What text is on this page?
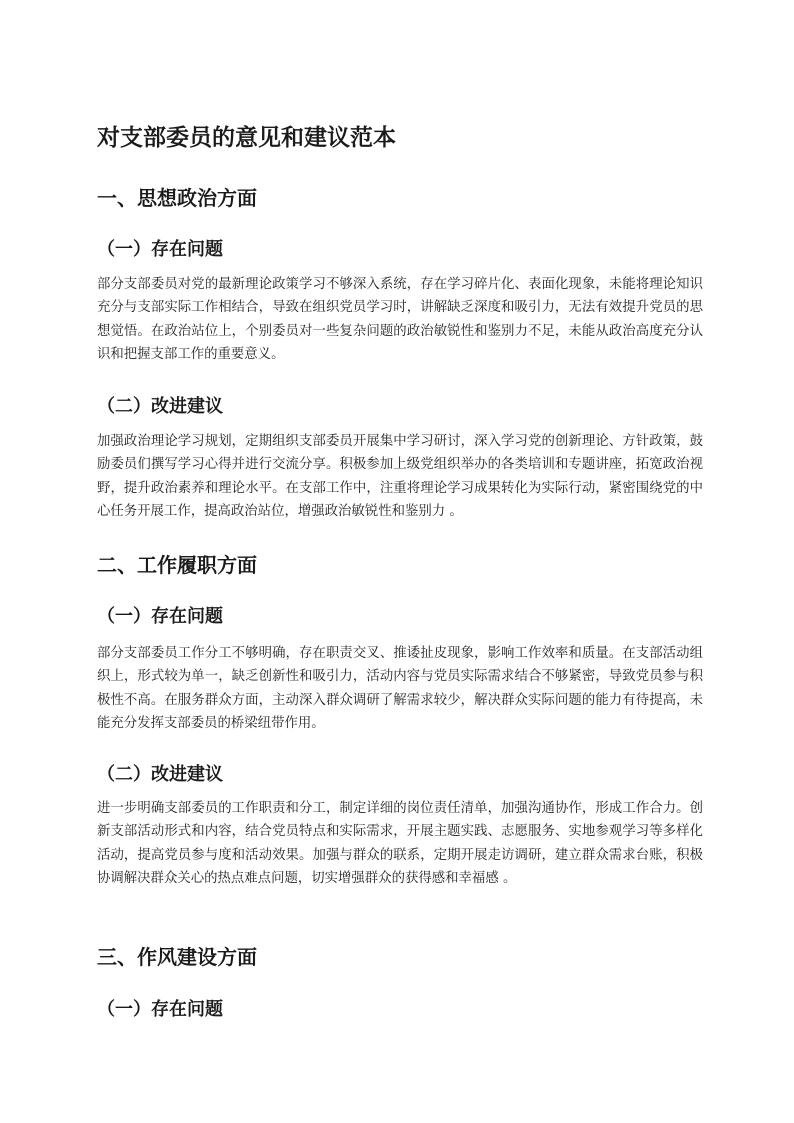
对支部委员的意见和建议范本
一、思想政治方面
（一）存在问题

部分支部委员对党的最新理论政策学习不够深入系统，存在学习碎片化、表面化现象，未能将理论知识充分与支部实际工作相结合，导致在组织党员学习时，讲解缺乏深度和吸引力，无法有效提升党员的思想觉悟。在政治站位上，个别委员对一些复杂问题的政治敏锐性和鉴别力不足，未能从政治高度充分认识和把握支部工作的重要意义。

（二）改进建议

加强政治理论学习规划，定期组织支部委员开展集中学习研讨，深入学习党的创新理论、方针政策，鼓励委员们撰写学习心得并进行交流分享。积极参加上级党组织举办的各类培训和专题讲座，拓宽政治视野，提升政治素养和理论水平。在支部工作中，注重将理论学习成果转化为实际行动，紧密围绕党的中心任务开展工作，提高政治站位，增强政治敏锐性和鉴别力 。

二、工作履职方面
（一）存在问题

部分支部委员工作分工不够明确，存在职责交叉、推诿扯皮现象，影响工作效率和质量。在支部活动组织上，形式较为单一，缺乏创新性和吸引力，活动内容与党员实际需求结合不够紧密，导致党员参与积极性不高。在服务群众方面，主动深入群众调研了解需求较少，解决群众实际问题的能力有待提高，未能充分发挥支部委员的桥梁纽带作用。

（二）改进建议

进一步明确支部委员的工作职责和分工，制定详细的岗位责任清单，加强沟通协作，形成工作合力。创新支部活动形式和内容，结合党员特点和实际需求，开展主题实践、志愿服务、实地参观学习等多样化活动，提高党员参与度和活动效果。加强与群众的联系，定期开展走访调研，建立群众需求台账，积极协调解决群众关心的热点难点问题，切实增强群众的获得感和幸福感 。

三、作风建设方面
（一）存在问题
